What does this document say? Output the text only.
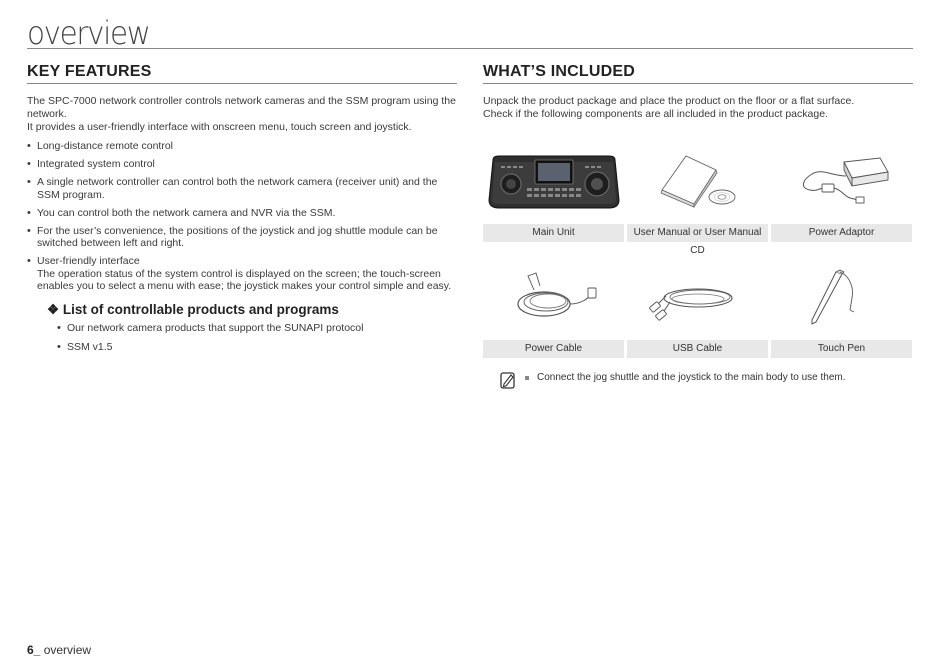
overview
KEY FEATURES

The SPC-7000 network controller controls network cameras and the SSM program using the network.

It provides a user-friendly interface with onscreen menu, touch screen and joystick.

• Long-distance remote control
• Integrated system control
• A single network controller can control both the network camera (receiver unit) and the SSM program.
• You can control both the network camera and NVR via the SSM.
• For the user’s convenience, the positions of the joystick and jog shuttle module can be switched between left and right.
• User-friendly interface
The operation status of the system control is displayed on the screen; the touch-screen enables you to select a menu with ease; the joystick makes your control simple and easy.
❖ List of controllable products and programs
• Our network camera products that support the SUNAPI protocol
• SSM v1.5
WHAT’S INCLUDED

Unpack the product package and place the product on the floor or a flat surface.

Check if the following components are all included in the product package.

Main Unit	User Manual or User Manual CD
Power Adaptor
Power Cable	USB Cable	Touch Pen
Connect the jog shuttle and the joystick to the main body to use them.
6_ overview
